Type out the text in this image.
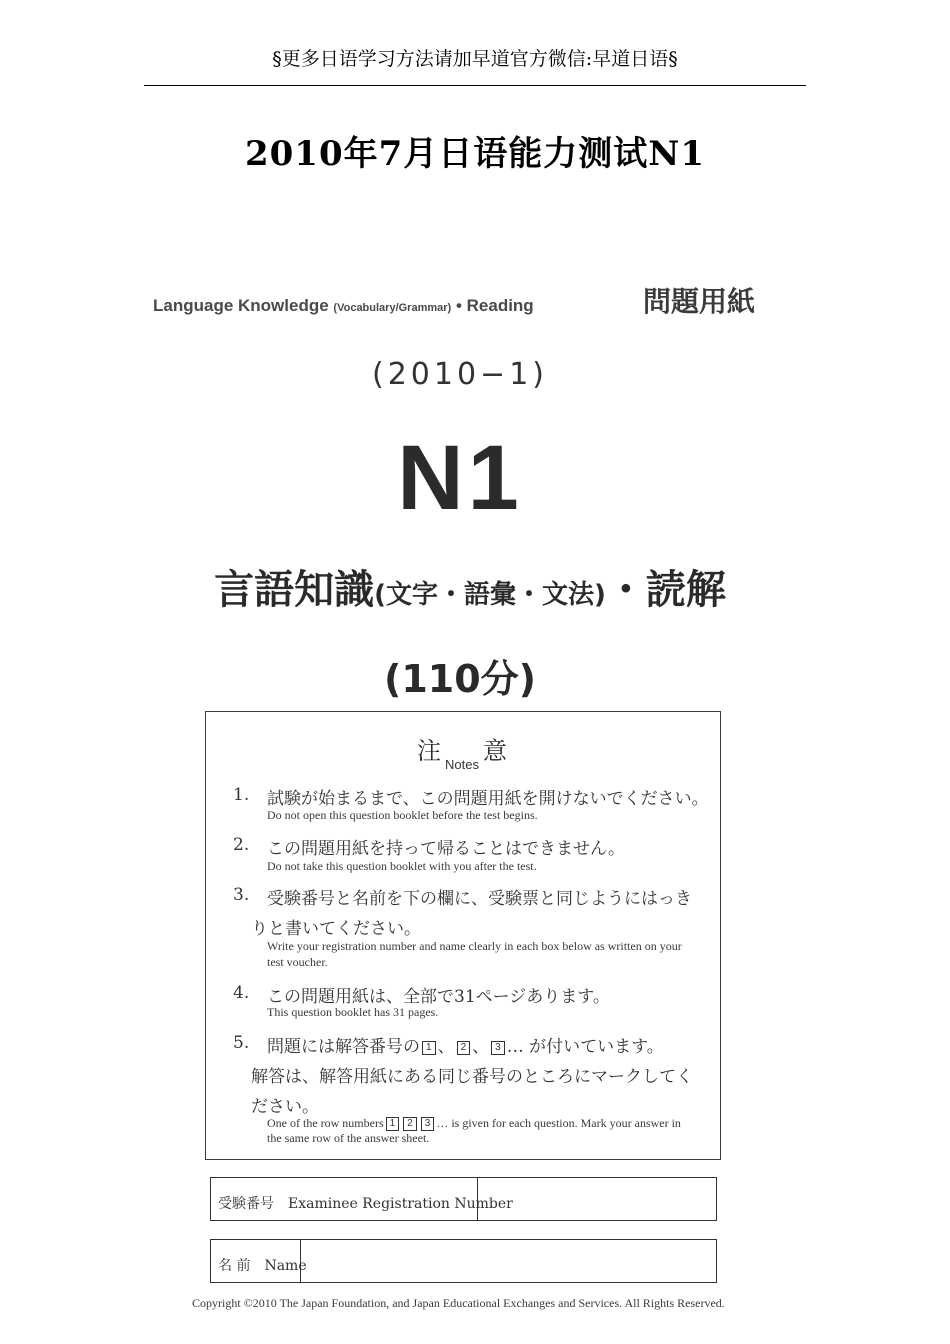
§更多日语学习方法请加早道官方微信:早道日语§
2010年7月日语能力测试N1
Language Knowledge (Vocabulary/Grammar) • Reading	問題用紙
(2010−1)
N1
言語知識(文字・語彙・文法)・読解
(110分)
注 意
Notes
1. 試験が始まるまで、この問題用紙を開けないでください。
Do not open this question booklet before the test begins.
2. この問題用紙を持って帰ることはできません。
Do not take this question booklet with you after the test.
3. 受験番号と名前を下の欄に、受験票と同じようにはっき
りと書いてください。
Write your registration number and name clearly in each box below as written on your
test voucher.
4. この問題用紙は、全部で31ページあります。
This question booklet has 31 pages.
5. 問題には解答番号の 1 、 2 、 3 … が付いています。
解答は、解答用紙にある同じ番号のところにマークしてく
ださい。
One of the row numbers 1 2 3 … is given for each question. Mark your answer in
the same row of the answer sheet.
受験番号　Examinee Registration Number
名 前　Name
Copyright ©2010 The Japan Foundation, and Japan Educational Exchanges and Services. All Rights Reserved.
